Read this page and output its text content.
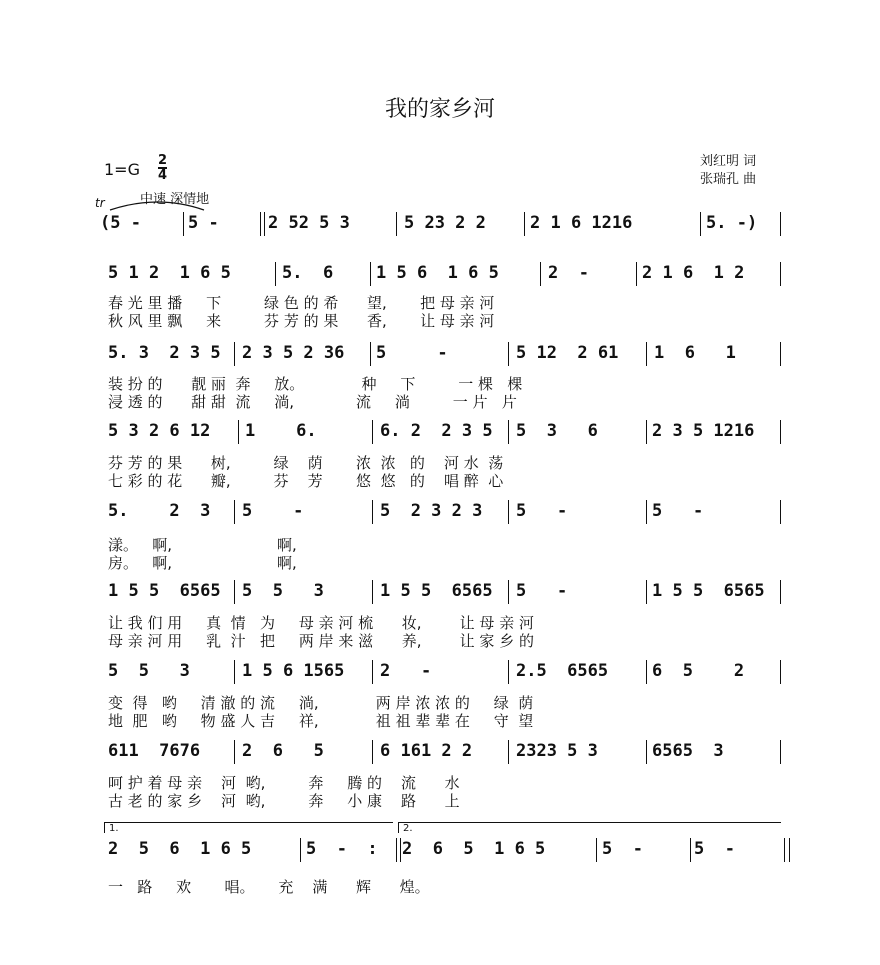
我的家乡河
$1=G \frac{2}{4}$	刘红明 词
张瑞孔 曲
中速 深情地
tr
(5 -	5 -	2 52 5 3	5 23 2 2	2 1 6 1216	5. -)
5 1 2  1 6 5	5.  6	1 5 6  1 6 5	2  -	2 1 6  1 2
5. 3  2 3 5 2 3 5 2 36 5     -	5 12  2 61 1  6   1
5 3 2 6 12 1    6.	6. 2  2 3 5 5  3   6	2 3 5 1216
5.    2  3 5    -	5  2 3 2 3 5   -	5   -
1 5 5  6565 5  5   3	1 5 5  6565 5   -	1 5 5  6565
5  5   3	1 5 6 1565 2   -	2.5  6565	6  5    2
611  7676 2  6   5	6 161 2 2	2323 5 3	6565  3
2  5  6  1 6 5	5  -  : 2  6  5  1 6 5	5  -	5  -
春 光 里 播     下         绿 色 的 希      望,       把 母 亲 河
秋 风 里 飘     来         芬 芳 的 果      香,       让 母 亲 河
装 扮 的      靓 丽  奔     放。            种     下         一 棵   棵
浸 透 的      甜 甜  流     淌,             流     淌         一 片   片
芬 芳 的 果      树,         绿    荫       浓  浓   的    河 水  荡
七 彩 的 花      瓣,         芬    芳       悠  悠   的    唱 醉  心
漾。   啊,                      啊,
房。   啊,                      啊,
让 我 们 用     真  情   为     母 亲 河 梳      妆,        让 母 亲 河
母 亲 河 用     乳  汁   把     两 岸 来 滋      养,        让 家 乡 的
变  得   哟     清 澈 的 流     淌,            两 岸 浓 浓 的     绿  荫
地  肥   哟     物 盛 人 吉     祥,            祖 祖 辈 辈 在     守  望
呵 护 着 母 亲    河  哟,         奔     腾 的    流      水
古 老 的 家 乡    河  哟,         奔     小 康    路      上
一   路     欢       唱。     充    满      辉      煌。
1.	2.
